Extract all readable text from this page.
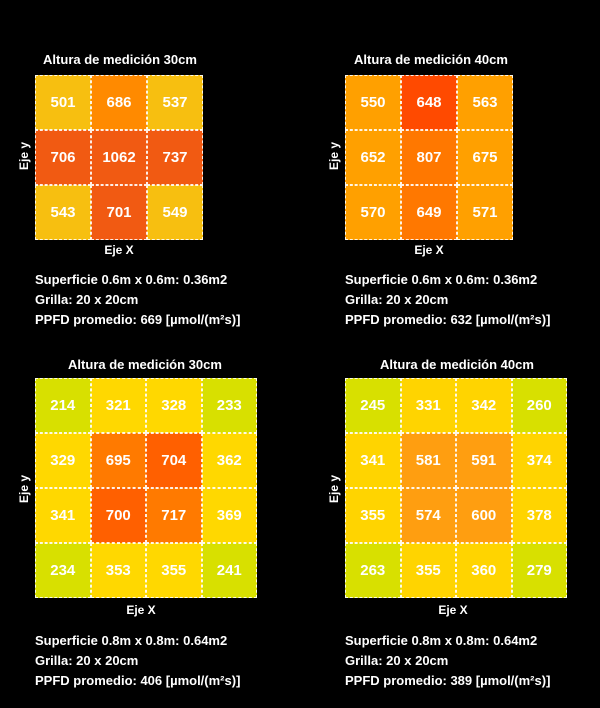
Altura de medición 30cm
501	686	537
706	1062	737
543	701	549
Eje y
Eje X
Superficie 0.6m x 0.6m: 0.36m2
Grilla: 20 x 20cm
PPFD promedio: 669 [µmol/(m²s)]
Altura de medición 40cm
550	648	563
652	807	675
570	649	571
Eje y
Eje X
Superficie 0.6m x 0.6m: 0.36m2
Grilla: 20 x 20cm
PPFD promedio: 632 [µmol/(m²s)]
Altura de medición 30cm
214	321	328	233
329	695	704	362
341	700	717	369
234	353	355	241
Eje y
Eje X
Superficie 0.8m x 0.8m: 0.64m2
Grilla: 20 x 20cm
PPFD promedio: 406 [µmol/(m²s)]
Altura de medición 40cm
245	331	342	260
341	581	591	374
355	574	600	378
263	355	360	279
Eje y
Eje X
Superficie 0.8m x 0.8m: 0.64m2
Grilla: 20 x 20cm
PPFD promedio: 389 [µmol/(m²s)]
